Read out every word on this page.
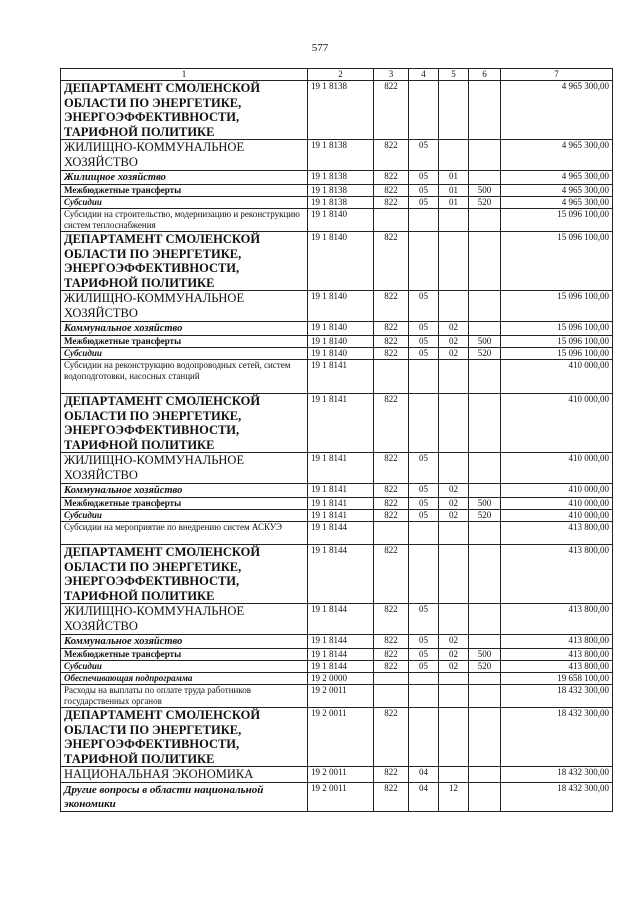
577
1	2	3	4	5	6	7
ДЕПАРТАМЕНТ СМОЛЕНСКОЙ ОБЛАСТИ ПО ЭНЕРГЕТИКЕ, ЭНЕРГОЭФФЕКТИВНОСТИ, ТАРИФНОЙ ПОЛИТИКЕ	19 1 8138	822				4 965 300,00
ЖИЛИЩНО-КОММУНАЛЬНОЕ ХОЗЯЙСТВО	19 1 8138	822	05			4 965 300,00
Жилищное хозяйство	19 1 8138	822	05	01		4 965 300,00
Межбюджетные трансферты	19 1 8138	822	05	01	500	4 965 300,00
Субсидии	19 1 8138	822	05	01	520	4 965 300,00
Субсидии на строительство, модернизацию и реконструкцию систем теплоснабжения	19 1 8140					15 096 100,00
ДЕПАРТАМЕНТ СМОЛЕНСКОЙ ОБЛАСТИ ПО ЭНЕРГЕТИКЕ, ЭНЕРГОЭФФЕКТИВНОСТИ, ТАРИФНОЙ ПОЛИТИКЕ	19 1 8140	822				15 096 100,00
ЖИЛИЩНО-КОММУНАЛЬНОЕ ХОЗЯЙСТВО	19 1 8140	822	05			15 096 100,00
Коммунальное хозяйство	19 1 8140	822	05	02		15 096 100,00
Межбюджетные трансферты	19 1 8140	822	05	02	500	15 096 100,00
Субсидии	19 1 8140	822	05	02	520	15 096 100,00
Субсидии на реконструкцию водопроводных сетей, систем водоподготовки, насосных станций	19 1 8141					410 000,00
ДЕПАРТАМЕНТ СМОЛЕНСКОЙ ОБЛАСТИ ПО ЭНЕРГЕТИКЕ, ЭНЕРГОЭФФЕКТИВНОСТИ, ТАРИФНОЙ ПОЛИТИКЕ	19 1 8141	822				410 000,00
ЖИЛИЩНО-КОММУНАЛЬНОЕ ХОЗЯЙСТВО	19 1 8141	822	05			410 000,00
Коммунальное хозяйство	19 1 8141	822	05	02		410 000,00
Межбюджетные трансферты	19 1 8141	822	05	02	500	410 000,00
Субсидии	19 1 8141	822	05	02	520	410 000,00
Субсидии на мероприятие по внедрению систем АСКУЭ	19 1 8144					413 800,00
ДЕПАРТАМЕНТ СМОЛЕНСКОЙ ОБЛАСТИ ПО ЭНЕРГЕТИКЕ, ЭНЕРГОЭФФЕКТИВНОСТИ, ТАРИФНОЙ ПОЛИТИКЕ	19 1 8144	822				413 800,00
ЖИЛИЩНО-КОММУНАЛЬНОЕ ХОЗЯЙСТВО	19 1 8144	822	05			413 800,00
Коммунальное хозяйство	19 1 8144	822	05	02		413 800,00
Межбюджетные трансферты	19 1 8144	822	05	02	500	413 800,00
Субсидии	19 1 8144	822	05	02	520	413 800,00
Обеспечивающая подпрограмма	19 2 0000					19 658 100,00
Расходы на выплаты по оплате труда работников государственных органов	19 2 0011					18 432 300,00
ДЕПАРТАМЕНТ СМОЛЕНСКОЙ ОБЛАСТИ ПО ЭНЕРГЕТИКЕ, ЭНЕРГОЭФФЕКТИВНОСТИ, ТАРИФНОЙ ПОЛИТИКЕ	19 2 0011	822				18 432 300,00
НАЦИОНАЛЬНАЯ ЭКОНОМИКА	19 2 0011	822	04			18 432 300,00
Другие вопросы в области национальной экономики	19 2 0011	822	04	12		18 432 300,00
